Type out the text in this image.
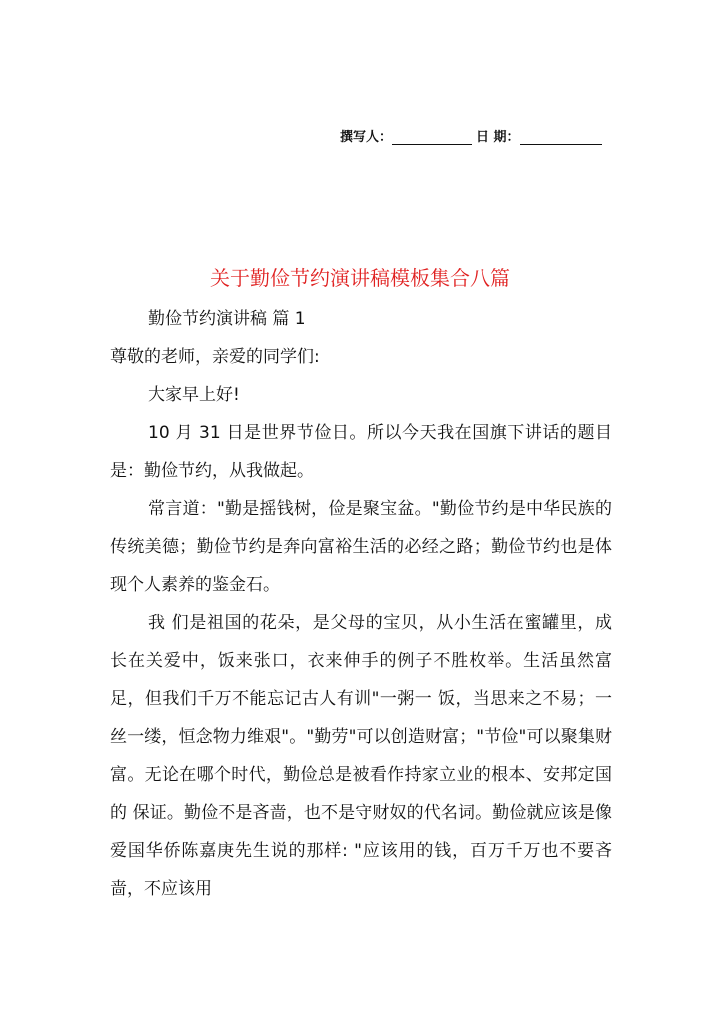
撰写人：	日 期：
关于勤俭节约演讲稿模板集合八篇

勤俭节约演讲稿 篇 1

尊敬的老师，亲爱的同学们:

大家早上好!

10 月 31 日是世界节俭日。所以今天我在国旗下讲话的题目是：勤俭节约，从我做起。

常言道："勤是摇钱树，俭是聚宝盆。"勤俭节约是中华民族的传统美德；勤俭节约是奔向富裕生活的必经之路；勤俭节约也是体现个人素养的鉴金石。

我 们是祖国的花朵，是父母的宝贝，从小生活在蜜罐里，成长在关爱中，饭来张口，衣来伸手的例子不胜枚举。生活虽然富足，但我们千万不能忘记古人有训"一粥一 饭，当思来之不易；一丝一缕，恒念物力维艰"。"勤劳"可以创造财富；"节俭"可以聚集财富。无论在哪个时代，勤俭总是被看作持家立业的根本、安邦定国的 保证。勤俭不是吝啬，也不是守财奴的代名词。勤俭就应该是像爱国华侨陈嘉庚先生说的那样: "应该用的钱，百万千万也不要吝啬，不应该用
